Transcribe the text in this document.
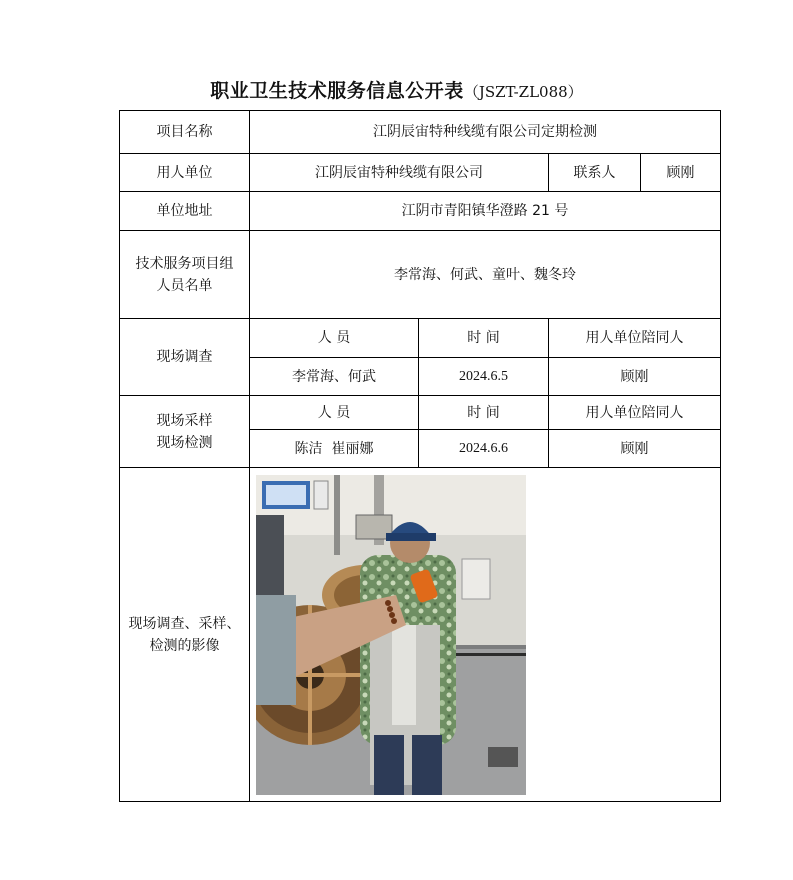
职业卫生技术服务信息公开表（JSZT-ZL088）
项目名称	江阴辰宙特种线缆有限公司定期检测			
用人单位	江阴辰宙特种线缆有限公司		联系人	顾刚
单位地址	江阴市青阳镇华澄路 21 号			

技术服务项目组
人员名单	李常海、何武、童叶、魏冬玲			
现场调查	人 员	时 间	用人单位陪同人	
	李常海、何武	2024.6.5	顾刚	

现场采样
现场检测	人 员	时 间	用人单位陪同人	
	陈洁  崔丽娜	2024.6.6	顾刚	

现场调查、采样、
检测的影像
